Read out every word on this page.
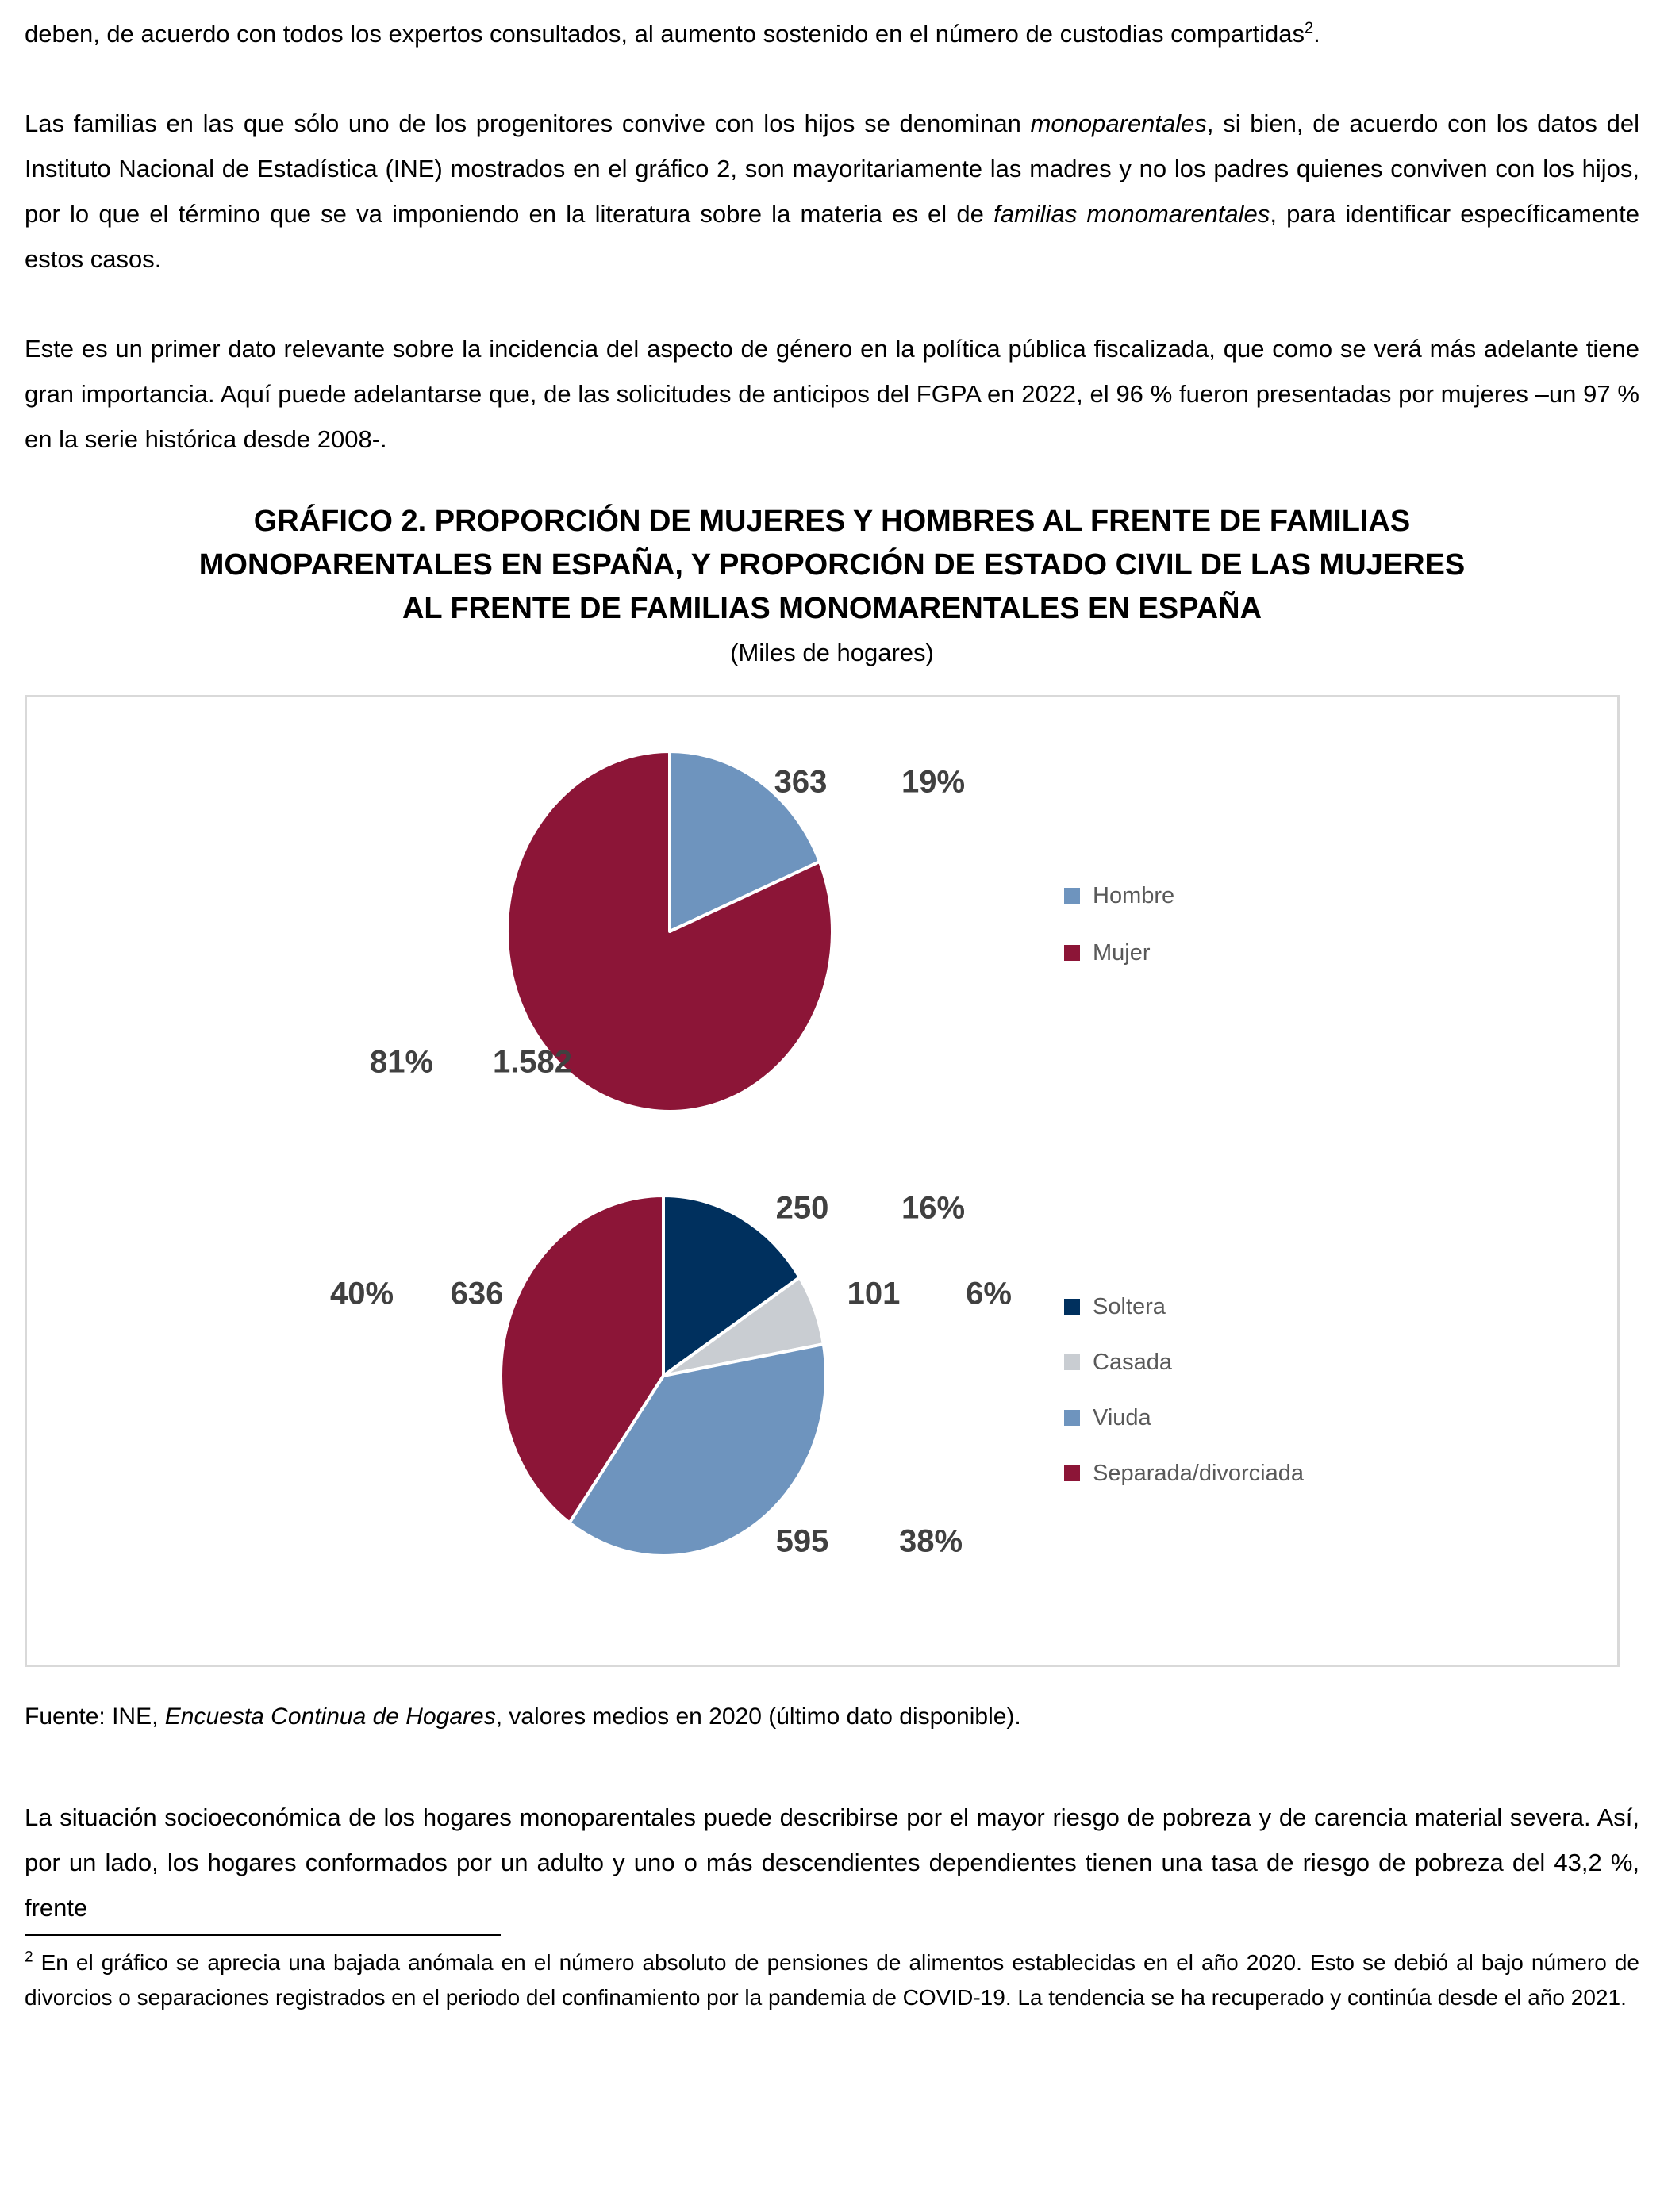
deben, de acuerdo con todos los expertos consultados, al aumento sostenido en el número de custodias compartidas$^2$.

Las familias en las que sólo uno de los progenitores convive con los hijos se denominan monoparentales, si bien, de acuerdo con los datos del Instituto Nacional de Estadística (INE) mostrados en el gráfico 2, son mayoritariamente las madres y no los padres quienes conviven con los hijos, por lo que el término que se va imponiendo en la literatura sobre la materia es el de familias monomarentales, para identificar específicamente estos casos.

Este es un primer dato relevante sobre la incidencia del aspecto de género en la política pública fiscalizada, que como se verá más adelante tiene gran importancia. Aquí puede adelantarse que, de las solicitudes de anticipos del FGPA en 2022, el 96 % fueron presentadas por mujeres –un 97 % en la serie histórica desde 2008-.

GRÁFICO 2. PROPORCIÓN DE MUJERES Y HOMBRES AL FRENTE DE FAMILIAS
MONOPARENTALES EN ESPAÑA, Y PROPORCIÓN DE ESTADO CIVIL DE LAS MUJERES
AL FRENTE DE FAMILIAS MONOMARENTALES EN ESPAÑA
(Miles de hogares)
363 19%
81% 1.582
Hombre
Mujer
250 16%
101 6%
40% 636
595 38%
Soltera
Casada
Viuda
Separada/divorciada

Fuente: INE, Encuesta Continua de Hogares, valores medios en 2020 (último dato disponible).

La situación socioeconómica de los hogares monoparentales puede describirse por el mayor riesgo de pobreza y de carencia material severa. Así, por un lado, los hogares conformados por un adulto y uno o más descendientes dependientes tienen una tasa de riesgo de pobreza del 43,2 %, frente

$^2$ En el gráfico se aprecia una bajada anómala en el número absoluto de pensiones de alimentos establecidas en el año 2020. Esto se debió al bajo número de divorcios o separaciones registrados en el periodo del confinamiento por la pandemia de COVID-19. La tendencia se ha recuperado y continúa desde el año 2021.
